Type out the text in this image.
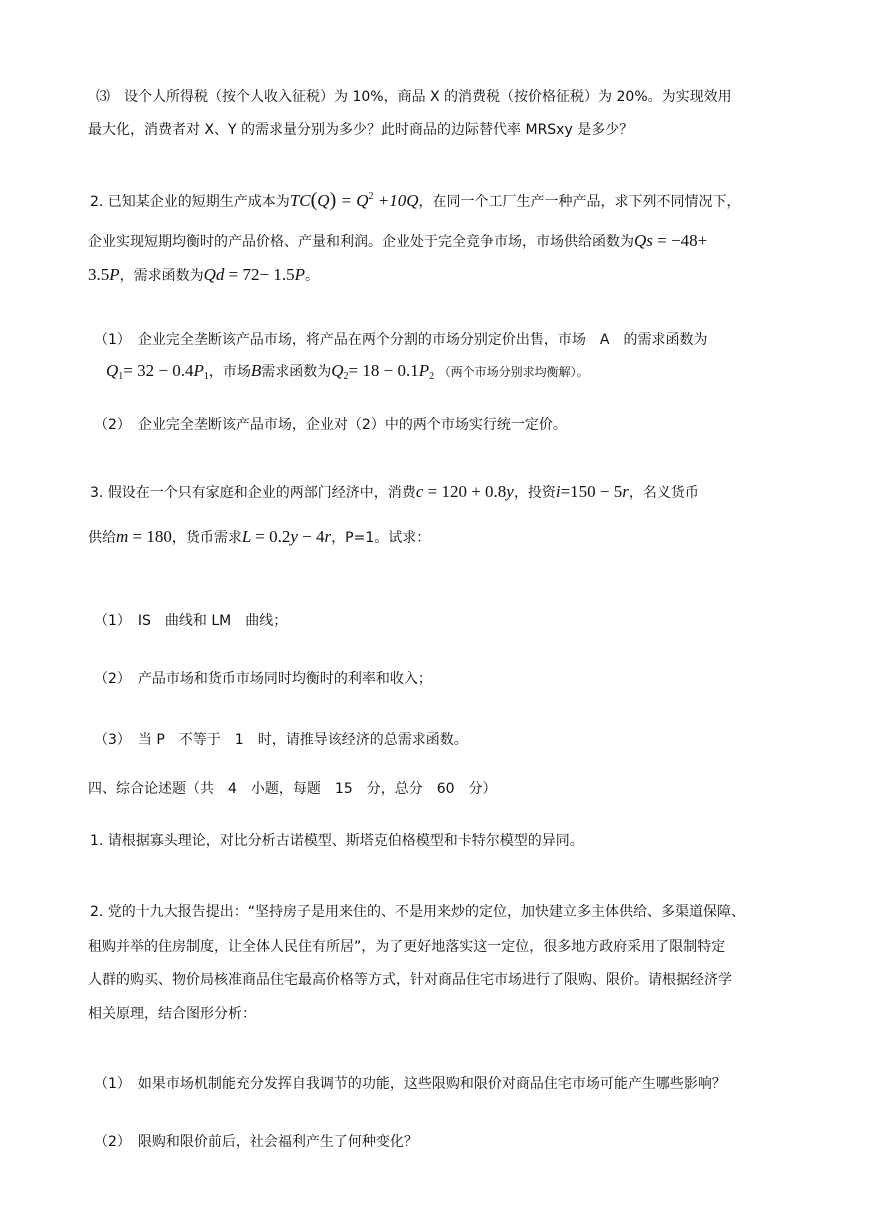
⑶　设个人所得税（按个人收入征税）为 10%，商品 X 的消费税（按价格征税）为 20%。为实现效用
最大化，消费者对 X、Y 的需求量分别为多少？此时商品的边际替代率 MRSxy 是多少？
2. 已知某企业的短期生产成本为$TC(Q) = Q^2 +10Q$，在同一个工厂生产一种产品，求下列不同情况下，
企业实现短期均衡时的产品价格、产量和利润。企业处于完全竞争市场，市场供给函数为Qs = −48+
3.5P，需求函数为Qd = 72− 1.5P。
（1）　企业完全垄断该产品市场，将产品在两个分割的市场分别定价出售，市场　A　的需求函数为
$Q_1= 32 - 0.4P_1$，市场B需求函数为$Q_2= 18 - 0.1P_2$ （两个市场分别求均衡解）。
（2）　企业完全垄断该产品市场，企业对（2）中的两个市场实行统一定价。
3. 假设在一个只有家庭和企业的两部门经济中，消费c = 120 + 0.8y，投资i=150 − 5r，名义货币
供给m = 180，货币需求L = 0.2y − 4r，P=1。试求：
（1）　IS　曲线和 LM　曲线；
（2）　产品市场和货币市场同时均衡时的利率和收入；
（3）　当 P　不等于　1　时，请推导该经济的总需求函数。
四、综合论述题（共　4　小题，每题　15　分，总分　60　分）
1. 请根据寡头理论，对比分析古诺模型、斯塔克伯格模型和卡特尔模型的异同。
2. 党的十九大报告提出：“坚持房子是用来住的、不是用来炒的定位，加快建立多主体供给、多渠道保障、
租购并举的住房制度，让全体人民住有所居”，为了更好地落实这一定位，很多地方政府采用了限制特定
人群的购买、物价局核准商品住宅最高价格等方式，针对商品住宅市场进行了限购、限价。请根据经济学
相关原理，结合图形分析：
（1）　如果市场机制能充分发挥自我调节的功能，这些限购和限价对商品住宅市场可能产生哪些影响？
（2）　限购和限价前后，社会福利产生了何种变化？
